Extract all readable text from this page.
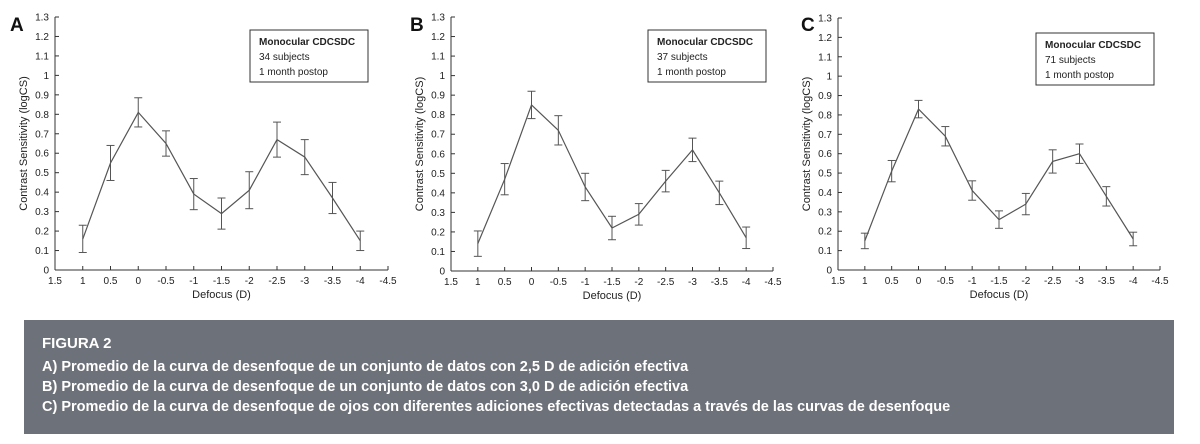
A
0
0.1
0.2
0.3
0.4
0.5
0.6
0.7
0.8
0.9
1
1.1
1.2
1.3
1.5 1 0.5 0 -0.5 -1 -1.5 -2 -2.5 -3 -3.5 -4 -4.5
Defocus (D)
Contrast Sensitivity (logCS)
Monocular CDCSDC
34 subjects
1 month postop
B
0
0.1
0.2
0.3
0.4
0.5
0.6
0.7
0.8
0.9
1
1.1
1.2
1.3
1.5 1 0.5 0 -0.5 -1 -1.5 -2 -2.5 -3 -3.5 -4 -4.5
Defocus (D)
Contrast Sensitivity (logCS)
Monocular CDCSDC
37 subjects
1 month postop
C
0
0.1
0.2
0.3
0.4
0.5
0.6
0.7
0.8
0.9
1
1.1
1.2
1.3
1.5 1 0.5 0 -0.5 -1 -1.5 -2 -2.5 -3 -3.5 -4 -4.5
Defocus (D)
Contrast Sensitivity (logCS)
Monocular CDCSDC
71 subjects
1 month postop
FIGURA 2
A) Promedio de la curva de desenfoque de un conjunto de datos con 2,5 D de adición efectiva
B) Promedio de la curva de desenfoque de un conjunto de datos con 3,0 D de adición efectiva
C) Promedio de la curva de desenfoque de ojos con diferentes adiciones efectivas detectadas a través de las curvas de desenfoque
